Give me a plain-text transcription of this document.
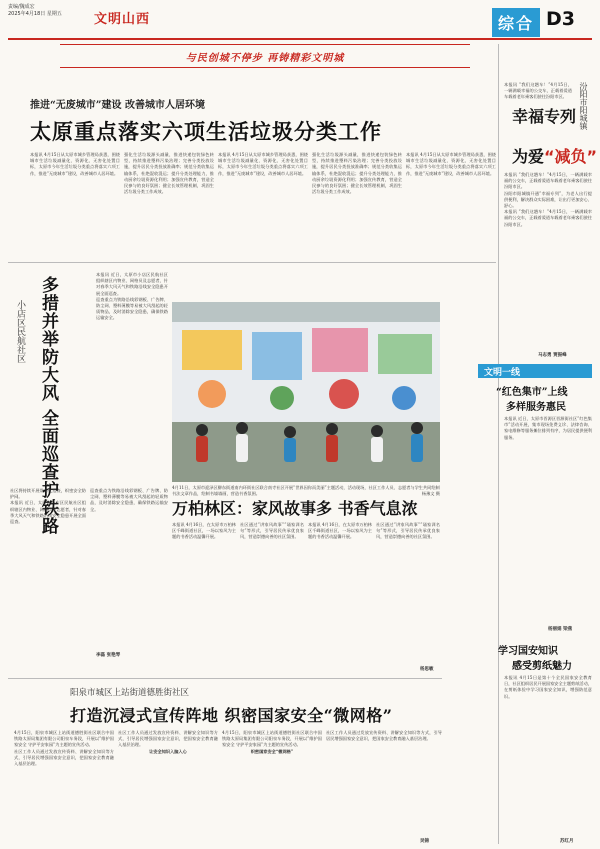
责编/魏成宏
2025年4月18日 星期五 文明山西	综合 D3
与民创城不停步 再铸精彩文明城
推进“无废城市”建设 改善城市人居环境
太原重点落实六项生活垃圾分类工作

本报讯 4月15日从太原市城乡管理局获悉，围绕城市生活垃圾减量化、资源化、无害化处置目标，太原市今年生活垃圾分类重点将落实六项工作，推进“无废城市”建设，改善城市人居环境。

强化生活垃圾源头减量，推进快递包装绿色转型，持续推进塑料污染治理；完善分类投放设施，提升居民分类投放准确率；规范分类收集运输体系，杜绝混收混运；提升分类处理能力，推动厨余垃圾资源化利用；加强宣传教育，营造全民参与的良好氛围；健全长效管理机制，巩固生活垃圾分类工作成效。

本报讯 4月15日从太原市城乡管理局获悉，围绕城市生活垃圾减量化、资源化、无害化处置目标，太原市今年生活垃圾分类重点将落实六项工作，推进“无废城市”建设，改善城市人居环境。

强化生活垃圾源头减量，推进快递包装绿色转型，持续推进塑料污染治理；完善分类投放设施，提升居民分类投放准确率；规范分类收集运输体系，杜绝混收混运；提升分类处理能力，推动厨余垃圾资源化利用；加强宣传教育，营造全民参与的良好氛围；健全长效管理机制，巩固生活垃圾分类工作成效。

本报讯 4月15日从太原市城乡管理局获悉，围绕城市生活垃圾减量化、资源化、无害化处置目标，太原市今年生活垃圾分类重点将落实六项工作，推进“无废城市”建设，改善城市人居环境。

小店区民航社区 多措并举防大风 全面巡查护铁路

本报讯 近日，太原市小店区民航社区组织辖区内物业、网格员及志愿者，针对春季大风天气和铁路沿线安全隐患开展全面巡查。

巡查重点为铁路沿线彩钢板、广告牌、防尘网、塑料薄膜等易被大风刮起的轻质物品，及时消除安全隐患，确保铁路运输安全。

社区将持续开展常态化巡查，织密安全防护网。

本报讯 近日，太原市小店区民航社区组织辖区内物业、网格员及志愿者，针对春季大风天气和铁路沿线安全隐患开展全面巡查。

巡查重点为铁路沿线彩钢板、广告牌、防尘网、塑料薄膜等易被大风刮起的轻质物品，及时消除安全隐患，确保铁路运输安全。

李磊 张艳琴
4月11日，太原市迎泽区柳东街道南内环街社区联合南寺社区开展“世界因你而美丽”主题活动，活动现场，社区工作人员、志愿者与学生共同绘制书法文章作品，绘制书墙墙画，营造书香氛围。	杨豫文 摄
万柏林区：家风故事多 书香气息浓

本报讯 4月16日，在太原市万柏林区千峰街道社区，一场以家风为主题的书香活动温馨开展。

社区通过“讲家风故事”“诵家训名句”等形式，引导居民传承优良家风，营造崇德向善的社区氛围。

本报讯 4月16日，在太原市万柏林区千峰街道社区，一场以家风为主题的书香活动温馨开展。

社区通过“讲家风故事”“诵家训名句”等形式，引导居民传承优良家风，营造崇德向善的社区氛围。

杨思敏
阳泉市城区上站街道德胜街社区
打造沉浸式宣传阵地 织密国家安全“微网格”

4月15日，阳泉市城区上站街道德胜街社区联合中国铁路太原局集团有限公司阳泉车务段，开展以“维护国家安全 守护平安家园”为主题的宣传活动。

社区工作人员通过发放宣传资料、讲解安全知识等方式，引导居民增强国家安全意识，把国家安全教育融入基层治理。

社区工作人员通过发放宣传资料、讲解安全知识等方式，引导居民增强国家安全意识，把国家安全教育融入基层治理。

让安全知识入脑入心

4月15日，阳泉市城区上站街道德胜街社区联合中国铁路太原局集团有限公司阳泉车务段，开展以“维护国家安全 守护平安家园”为主题的宣传活动。

织密国家安全“微网格”

社区工作人员通过发放宣传资料、讲解安全知识等方式，引导居民增强国家安全意识，把国家安全教育融入基层治理。

吴锦
汾阳市阳城镇

本报讯 “我们这趟车！”4月15日，一辆满载幸福的公交车，正载着爱道车载着老年乘客们驶往汾阳市区。

幸福专列
为爱“减负”

本报讯 “我们这趟车！”4月15日，一辆满载幸福的公交车，正载着爱道车载着老年乘客们驶往汾阳市区。

汾阳市阳城镇开通“幸福专列”，为老人出行提供便利，解决群众实际困难，让出行更加安心、舒心。

本报讯 “我们这趟车！”4月15日，一辆满载幸福的公交车，正载着爱道车载着老年乘客们驶往汾阳市区。

马志勇 贾振峰
文明一线
“红色集市”上线
多样服务惠民

本报讯 近日，太原市晋源区晋源街社区“红色集市”活动开展，集市现场免费义诊、法律咨询、家电维修等服务摊位排列有序，为居民提供便利服务。

杨丽娟 梁燕
学习国安知识
感受剪纸魅力

本报讯 4月15日是第十个全民国家安全教育日，社区组织居民开展国家安全主题剪纸活动，在剪纸体验中学习国家安全知识，增强防范意识。

苏红月
